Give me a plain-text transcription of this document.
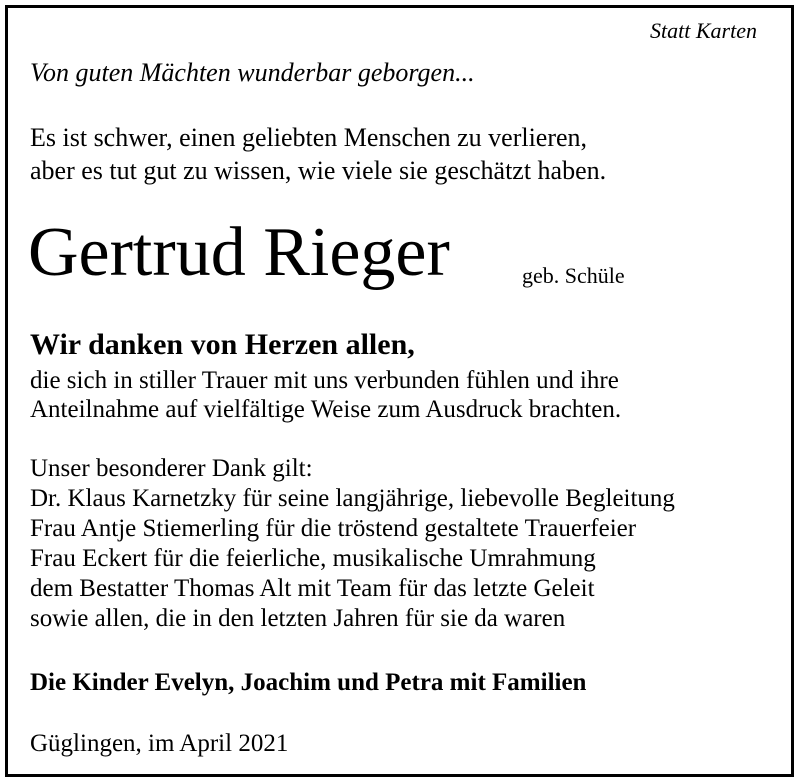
Statt Karten
Von guten Mächten wunderbar geborgen...
Es ist schwer, einen geliebten Menschen zu verlieren,
aber es tut gut zu wissen, wie viele sie geschätzt haben.
Gertrud Rieger	geb. Schüle
Wir danken von Herzen allen,
die sich in stiller Trauer mit uns verbunden fühlen und ihre
Anteilnahme auf vielfältige Weise zum Ausdruck brachten.
Unser besonderer Dank gilt:
Dr. Klaus Karnetzky für seine langjährige, liebevolle Begleitung
Frau Antje Stiemerling für die tröstend gestaltete Trauerfeier
Frau Eckert für die feierliche, musikalische Umrahmung
dem Bestatter Thomas Alt mit Team für das letzte Geleit
sowie allen, die in den letzten Jahren für sie da waren
Die Kinder Evelyn, Joachim und Petra mit Familien
Güglingen, im April 2021
